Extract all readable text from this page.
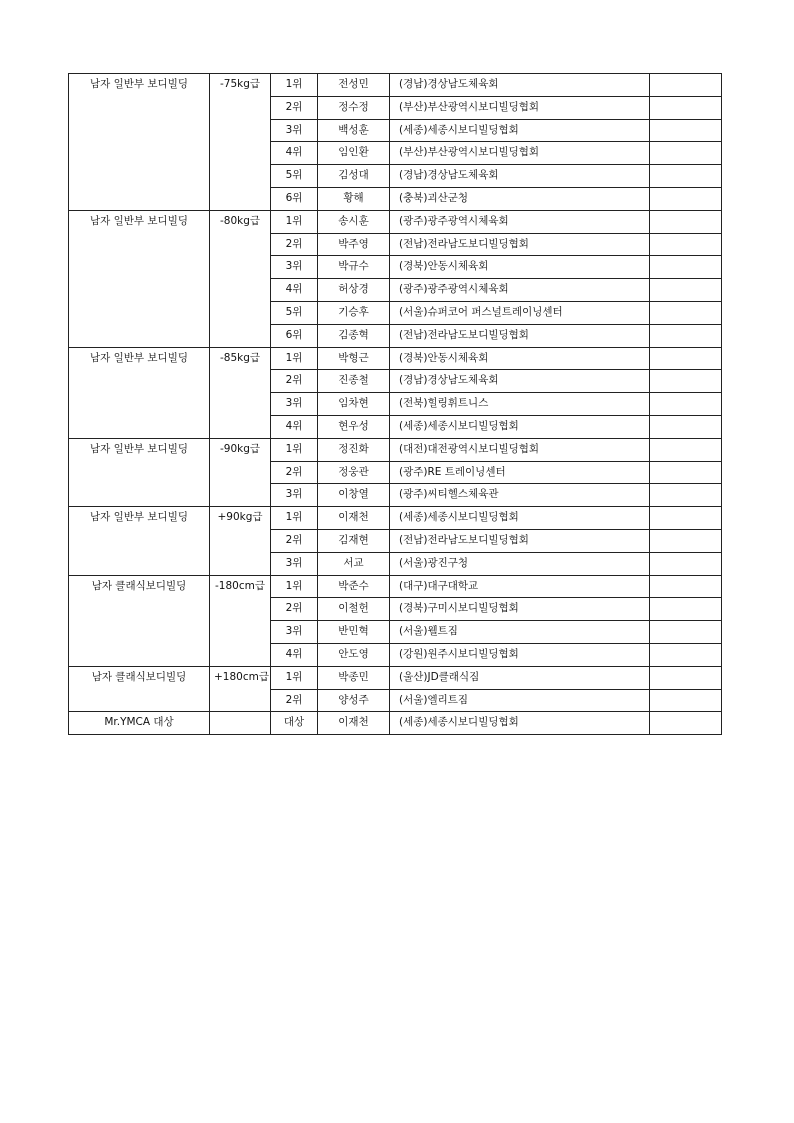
남자 일반부 보디빌딩	-75kg급	1위	전성민	(경남)경상남도체육회	
		2위	정수정	(부산)부산광역시보디빌딩협회	
		3위	백성훈	(세종)세종시보디빌딩협회	
		4위	임인환	(부산)부산광역시보디빌딩협회	
		5위	김성대	(경남)경상남도체육회	
		6위	황해	(충북)괴산군청	
남자 일반부 보디빌딩	-80kg급	1위	송시훈	(광주)광주광역시체육회	
		2위	박주영	(전남)전라남도보디빌딩협회	
		3위	박규수	(경북)안동시체육회	
		4위	허상경	(광주)광주광역시체육회	
		5위	기승후	(서울)슈퍼코어 퍼스널트레이닝센터	
		6위	김종혁	(전남)전라남도보디빌딩협회	
남자 일반부 보디빌딩	-85kg급	1위	박형근	(경북)안동시체육회	
		2위	진종철	(경남)경상남도체육회	
		3위	임차현	(전북)힐링휘트니스	
		4위	현우성	(세종)세종시보디빌딩협회	
남자 일반부 보디빌딩	-90kg급	1위	정진화	(대전)대전광역시보디빌딩협회	
		2위	정웅관	(광주)RE 트레이닝센터	
		3위	이창열	(광주)씨티헬스체육관	
남자 일반부 보디빌딩	+90kg급	1위	이재천	(세종)세종시보디빌딩협회	
		2위	김재현	(전남)전라남도보디빌딩협회	
		3위	서교	(서울)광진구청	
남자 클래식보디빌딩	-180cm급	1위	박준수	(대구)대구대학교	
		2위	이철헌	(경북)구미시보디빌딩협회	
		3위	반민혁	(서울)웰트짐	
		4위	안도영	(강원)원주시보디빌딩협회	
남자 클래식보디빌딩	+180cm급	1위	박종민	(울산)JD클래식짐	
		2위	양성주	(서울)엘리트짐	
Mr.YMCA 대상		대상	이재천	(세종)세종시보디빌딩협회	
